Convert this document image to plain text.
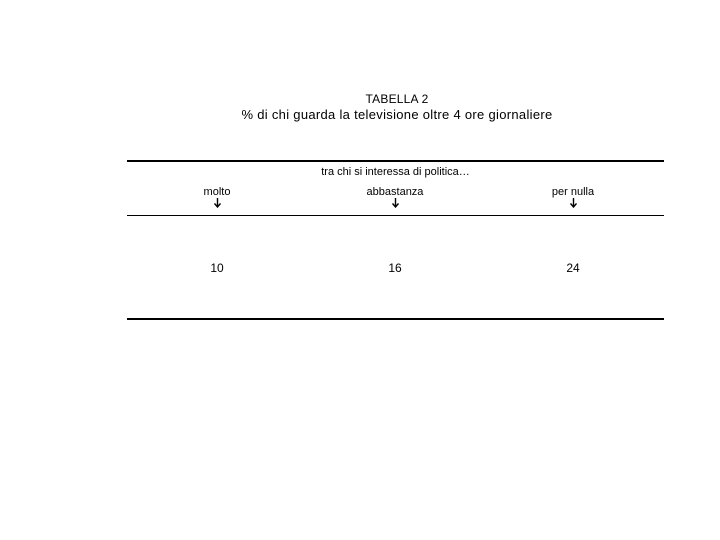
TABELLA 2
% di chi guarda la televisione oltre 4 ore giornaliere
tra chi si interessa di politica…
molto	abbastanza	per nulla
10	16	24
